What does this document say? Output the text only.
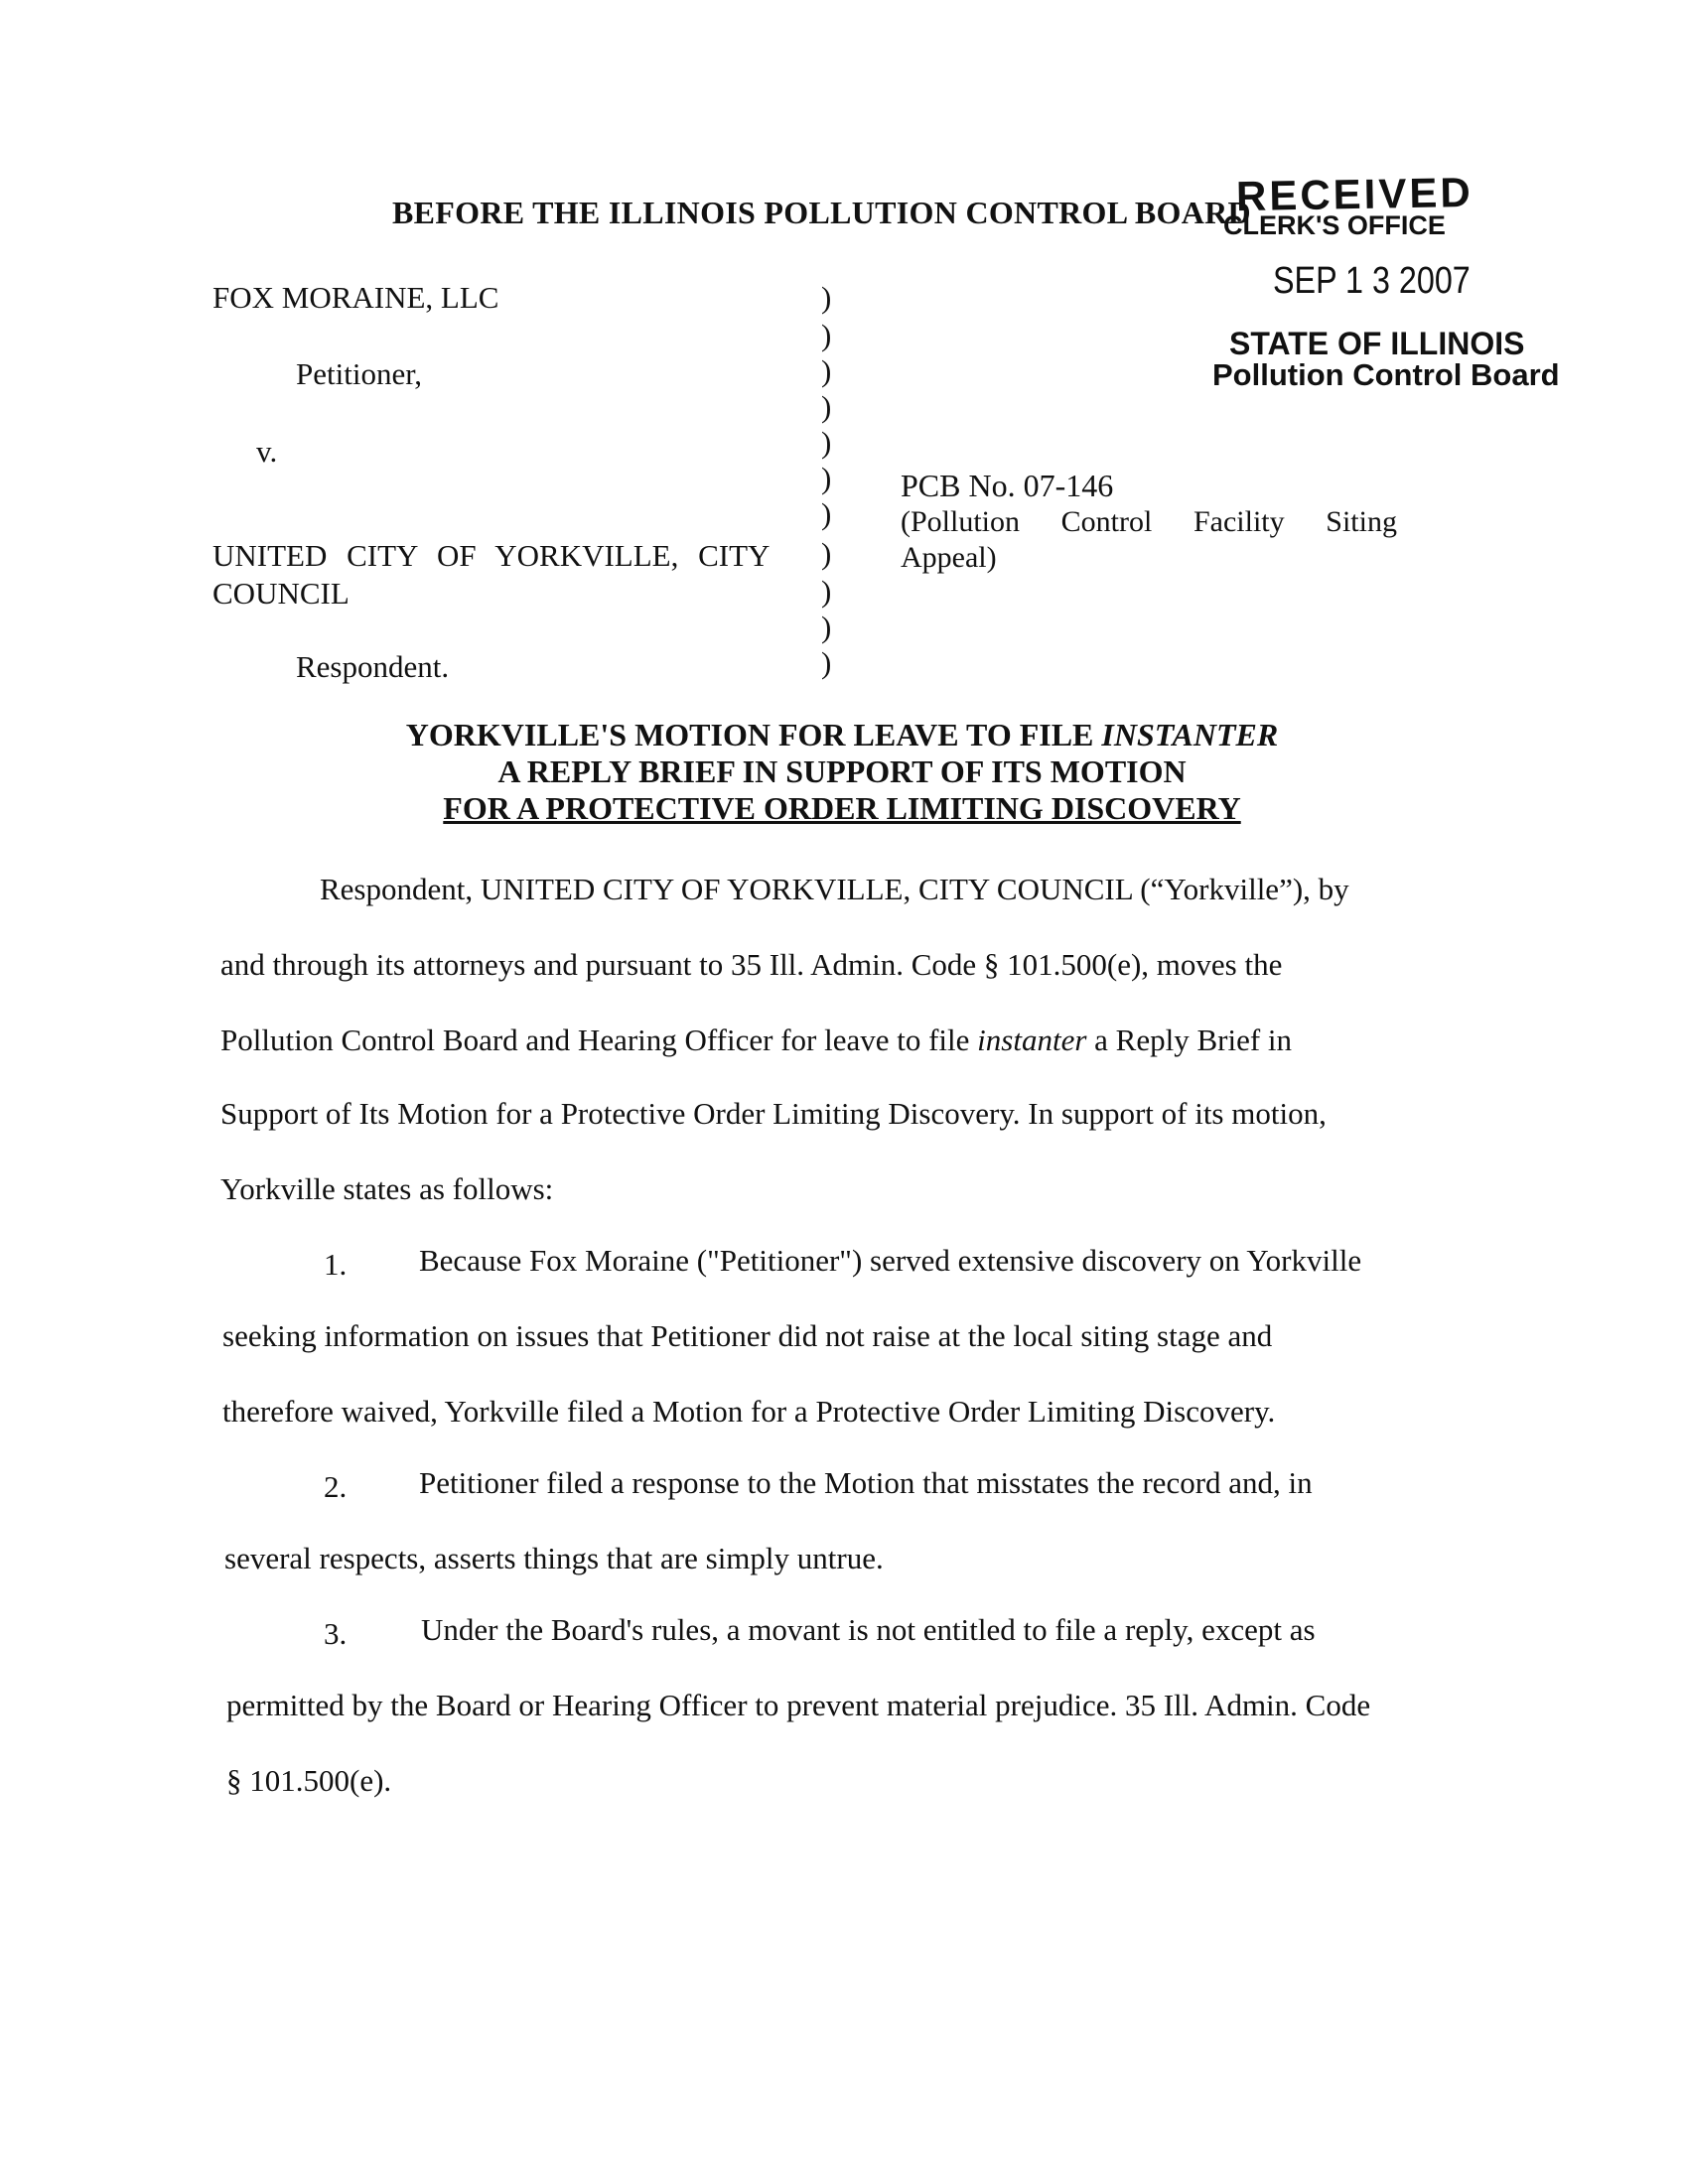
BEFORE THE ILLINOIS POLLUTION CONTROL BOARD
RECEIVED
CLERK'S OFFICE
SEP 1 3 2007
STATE OF ILLINOIS
Pollution Control Board
FOX MORAINE, LLC
Petitioner,
v.
UNITED CITY OF YORKVILLE, CITY
COUNCIL
Respondent.
)
)
)
)
)
)
)
)
)
)
)
PCB No. 07-146
(Pollution Control Facility Siting
Appeal)
YORKVILLE'S MOTION FOR LEAVE TO FILE INSTANTER
A REPLY BRIEF IN SUPPORT OF ITS MOTION
FOR A PROTECTIVE ORDER LIMITING DISCOVERY
Respondent, UNITED CITY OF YORKVILLE, CITY COUNCIL (“Yorkville”), by
and through its attorneys and pursuant to 35 Ill. Admin. Code § 101.500(e), moves the
Pollution Control Board and Hearing Officer for leave to file instanter a Reply Brief in
Support of Its Motion for a Protective Order Limiting Discovery. In support of its motion,
Yorkville states as follows:
1. Because Fox Moraine ("Petitioner") served extensive discovery on Yorkville
seeking information on issues that Petitioner did not raise at the local siting stage and
therefore waived, Yorkville filed a Motion for a Protective Order Limiting Discovery.
2. Petitioner filed a response to the Motion that misstates the record and, in
several respects, asserts things that are simply untrue.
3. Under the Board's rules, a movant is not entitled to file a reply, except as
permitted by the Board or Hearing Officer to prevent material prejudice. 35 Ill. Admin. Code
§ 101.500(e).
